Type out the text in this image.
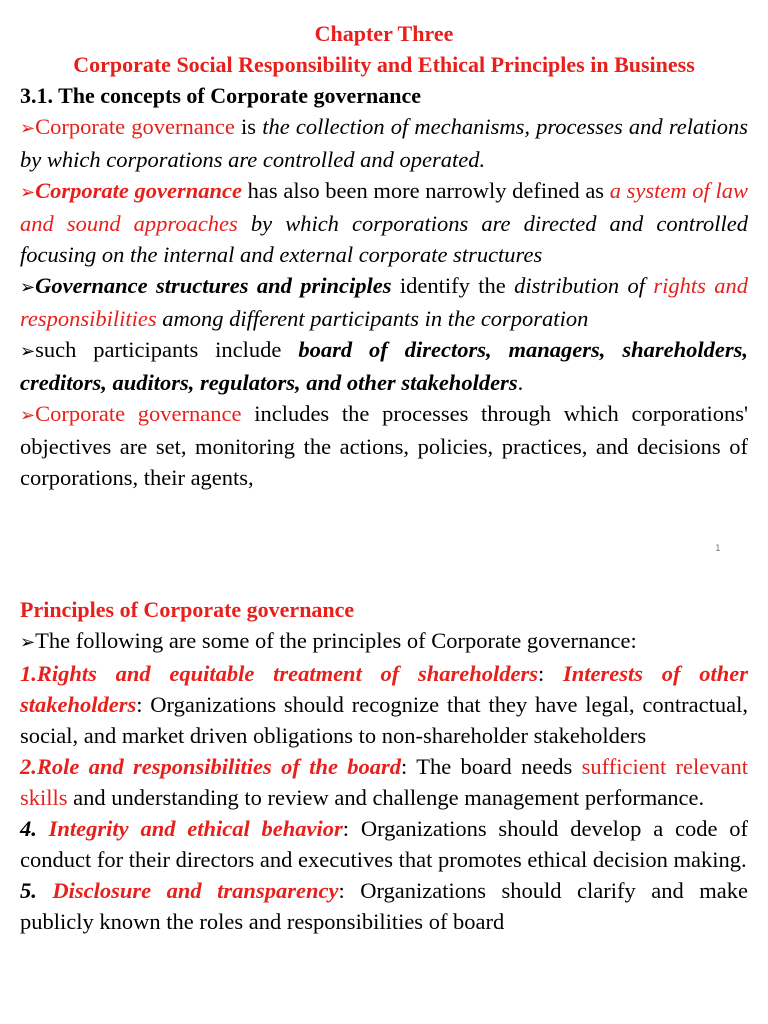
Chapter Three
Corporate Social Responsibility and Ethical Principles in Business
3.1. The concepts of Corporate governance

➢Corporate governance is the collection of mechanisms, processes and relations by which corporations are controlled and operated.

➢Corporate governance has also been more narrowly defined as a system of law and sound approaches by which corporations are directed and controlled focusing on the internal and external corporate structures

➢Governance structures and principles identify the distribution of rights and responsibilities among different participants in the corporation

➢such participants include board of directors, managers, shareholders, creditors, auditors, regulators, and other stakeholders.

➢Corporate governance includes the processes through which corporations' objectives are set, monitoring the actions, policies, practices, and decisions of corporations, their agents,

1

Principles of Corporate governance

➢The following are some of the principles of Corporate governance:

1.Rights and equitable treatment of shareholders: Interests of other stakeholders: Organizations should recognize that they have legal, contractual, social, and market driven obligations to non-shareholder stakeholders

2.Role and responsibilities of the board: The board needs sufficient relevant skills and understanding to review and challenge management performance.

4. Integrity and ethical behavior: Organizations should develop a code of conduct for their directors and executives that promotes ethical decision making.

5. Disclosure and transparency: Organizations should clarify and make publicly known the roles and responsibilities of board
